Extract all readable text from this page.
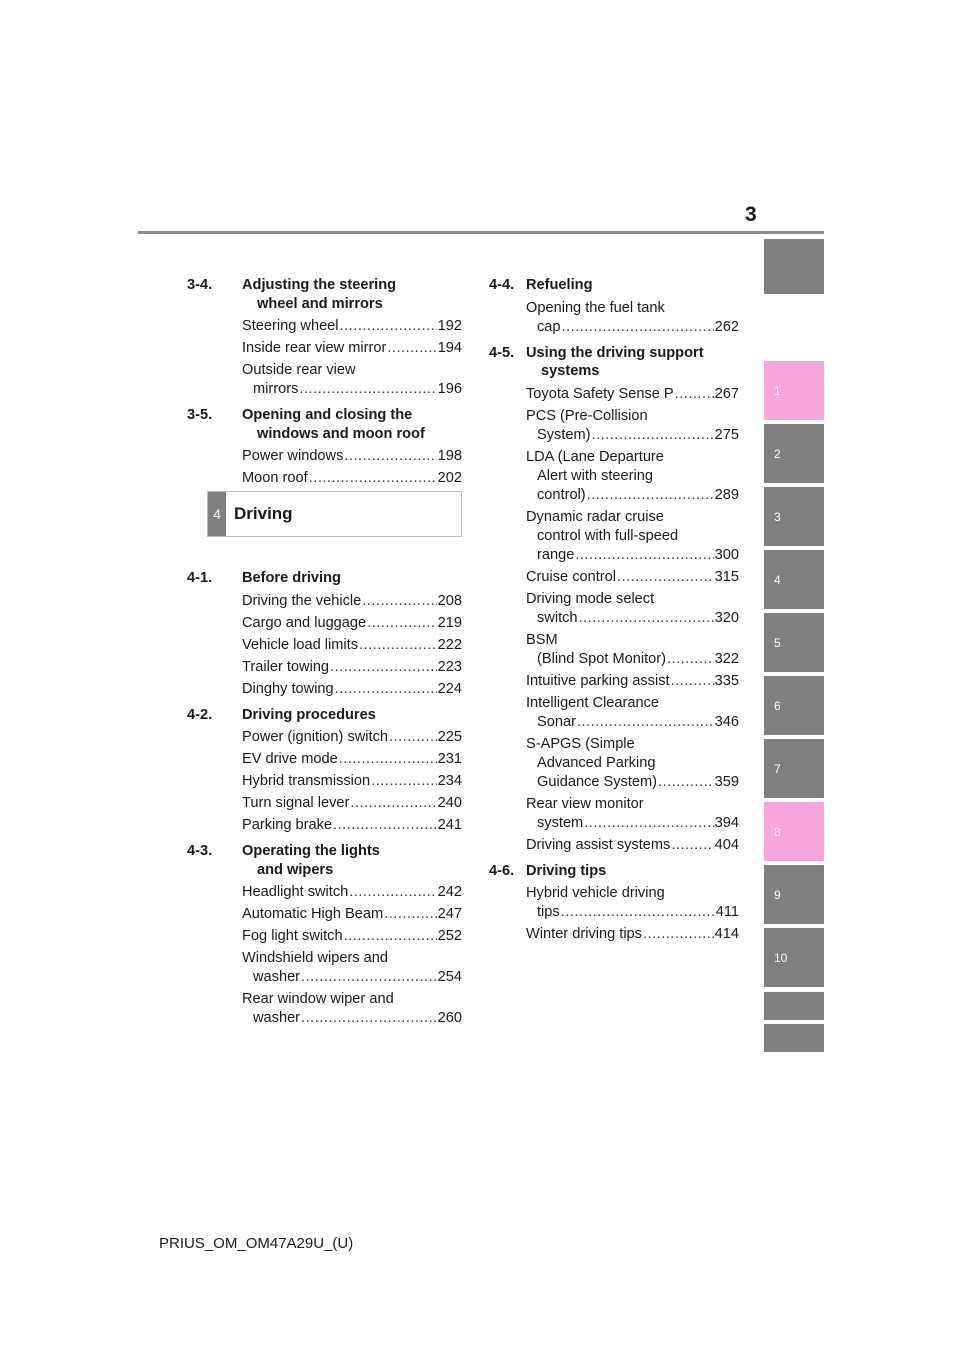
3
3-4. Adjusting the steering
wheel and mirrors
Steering wheel .....	192
Inside rear view mirror .....	194
Outside rear view
mirrors .....	196
3-5. Opening and closing the
windows and moon roof
Power windows .....	198
Moon roof .....	202
4-1. Before driving
Driving the vehicle .....	208
Cargo and luggage .....	219
Vehicle load limits .....	222
Trailer towing .....	223
Dinghy towing .....	224
4-2. Driving procedures
Power (ignition) switch .....	225
EV drive mode .....	231
Hybrid transmission .....	234
Turn signal lever .....	240
Parking brake .....	241
4-3. Operating the lights
and wipers
Headlight switch .....	242
Automatic High Beam .....	247
Fog light switch .....	252
Windshield wipers and
washer .....	254
Rear window wiper and
washer .....	260
4 Driving
4-4. Refueling
Opening the fuel tank
cap .....	262
4-5. Using the driving support
systems
Toyota Safety Sense P .....	267
PCS (Pre-Collision
System) .....	275
LDA (Lane Departure
Alert with steering
control) .....	289
Dynamic radar cruise
control with full-speed
range .....	300
Cruise control .....	315
Driving mode select
switch .....	320
BSM
(Blind Spot Monitor) .....	322
Intuitive parking assist .....	335
Intelligent Clearance
Sonar .....	346
S-APGS (Simple
Advanced Parking
Guidance System) .....	359
Rear view monitor
system .....	394
Driving assist systems .....	404
4-6. Driving tips
Hybrid vehicle driving
tips .....	411
Winter driving tips .....	414
1
2
3
4
5
6
7
8
9
10
PRIUS_OM_OM47A29U_(U)
